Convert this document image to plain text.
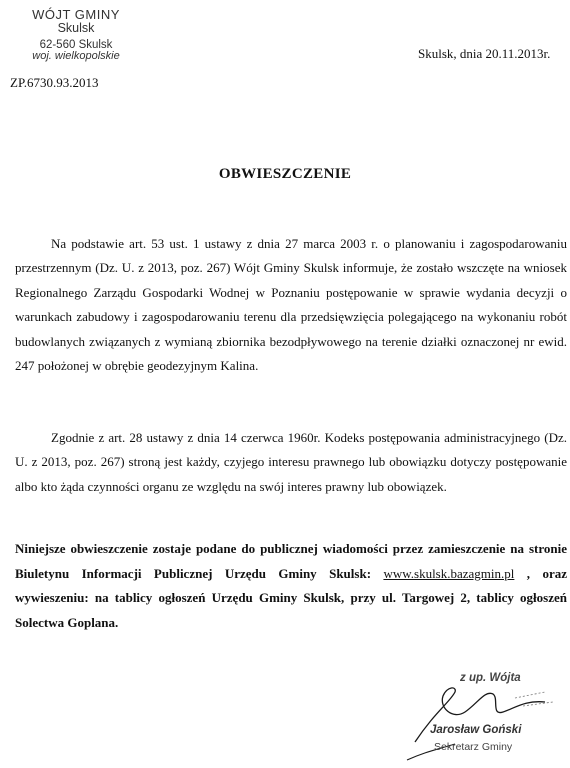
WÓJT GMINY
Skulsk
62-560 Skulsk
woj. wielkopolskie
ZP.6730.93.2013
Skulsk, dnia 20.11.2013r.
OBWIESZCZENIE

Na podstawie art. 53 ust. 1 ustawy z dnia 27 marca 2003 r. o planowaniu i zagospodarowaniu przestrzennym (Dz. U. z 2013, poz. 267) Wójt Gminy Skulsk informuje, że zostało wszczęte na wniosek Regionalnego Zarządu Gospodarki Wodnej w Poznaniu postępowanie w sprawie wydania decyzji o warunkach zabudowy i zagospodarowaniu terenu dla przedsięwzięcia polegającego na wykonaniu robót budowlanych związanych z wymianą zbiornika bezodpływowego na terenie działki oznaczonej nr ewid. 247 położonej w obrębie geodezyjnym Kalina.

Zgodnie z art. 28 ustawy z dnia 14 czerwca 1960r. Kodeks postępowania administracyjnego (Dz. U. z 2013, poz. 267) stroną jest każdy, czyjego interesu prawnego lub obowiązku dotyczy postępowanie albo kto żąda czynności organu ze względu na swój interes prawny lub obowiązek.

Niniejsze obwieszczenie zostaje podane do publicznej wiadomości przez zamieszczenie na stronie Biuletynu Informacji Publicznej Urzędu Gminy Skulsk: www.skulsk.bazagmin.pl , oraz wywieszeniu: na tablicy ogłoszeń Urzędu Gminy Skulsk, przy ul. Targowej 2, tablicy ogłoszeń Solectwa Goplana.

z up. Wójta
Jarosław Goński
Sekretarz Gminy
